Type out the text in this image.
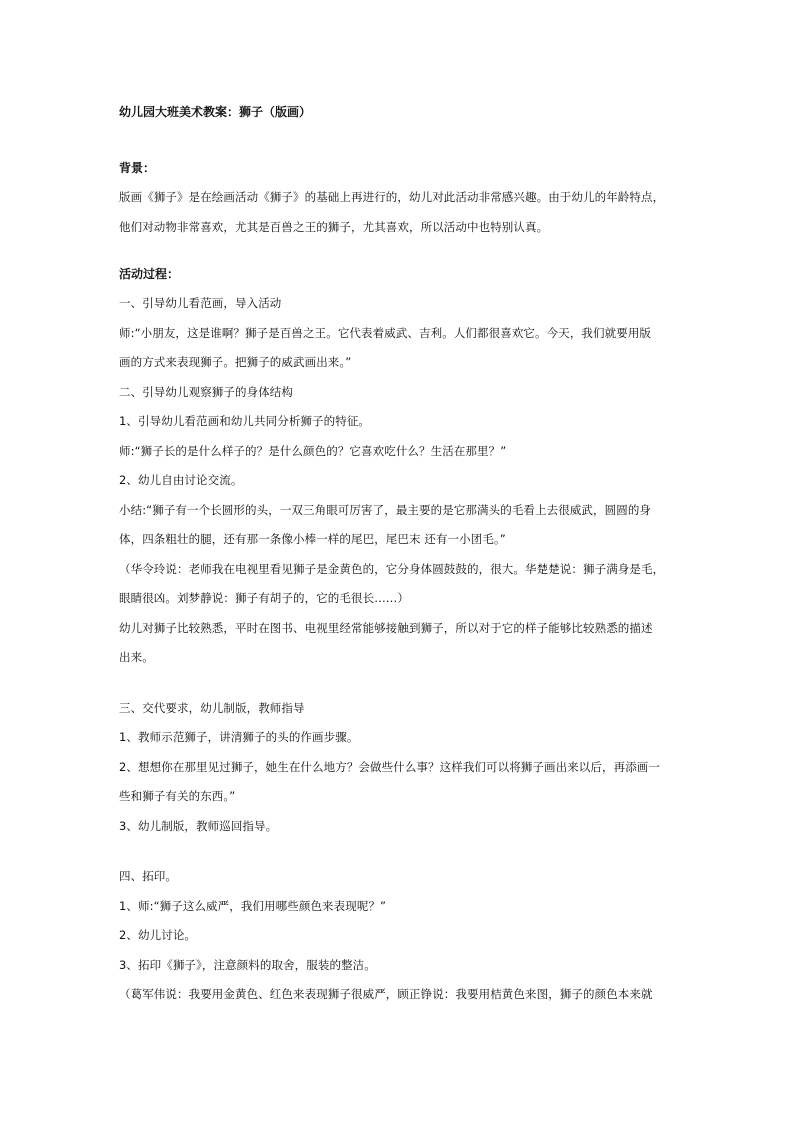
幼儿园大班美术教案：狮子（版画）

背景：

版画《狮子》是在绘画活动《狮子》的基础上再进行的，幼儿对此活动非常感兴趣。由于幼儿的年龄特点，

他们对动物非常喜欢，尤其是百兽之王的狮子，尤其喜欢，所以活动中也特别认真。

活动过程：

一、引导幼儿看范画，导入活动

师:“小朋友，这是谁啊？狮子是百兽之王。它代表着威武、吉利。人们都很喜欢它。今天，我们就要用版

画的方式来表现狮子。把狮子的威武画出来。”

二、引导幼儿观察狮子的身体结构

1、引导幼儿看范画和幼儿共同分析狮子的特征。

师:“狮子长的是什么样子的？是什么颜色的？它喜欢吃什么？生活在那里？”

2、幼儿自由讨论交流。

小结:“狮子有一个长圆形的头，一双三角眼可厉害了，最主要的是它那满头的毛看上去很威武，圆圆的身

体，四条粗壮的腿，还有那一条像小棒一样的尾巴，尾巴末 还有一小团毛。”

（华令玲说：老师我在电视里看见狮子是金黄色的，它分身体圆鼓鼓的，很大。华楚楚说：狮子满身是毛，

眼睛很凶。刘梦静说：狮子有胡子的，它的毛很长……）

幼儿对狮子比较熟悉，平时在图书、电视里经常能够接触到狮子，所以对于它的样子能够比较熟悉的描述

出来。

三、交代要求，幼儿制版，教师指导

1、教师示范狮子，讲清狮子的头的作画步骤。

2、想想你在那里见过狮子，她生在什么地方？会做些什么事？这样我们可以将狮子画出来以后，再添画一

些和狮子有关的东西。”

3、幼儿制版，教师巡回指导。

四、拓印。

1、师:“狮子这么威严，我们用哪些颜色来表现呢？”

2、幼儿讨论。

3、拓印《狮子》，注意颜料的取舍，服装的整洁。

（葛军伟说：我要用金黄色、红色来表现狮子很威严，顾正铮说：我要用桔黄色来图，狮子的颜色本来就
